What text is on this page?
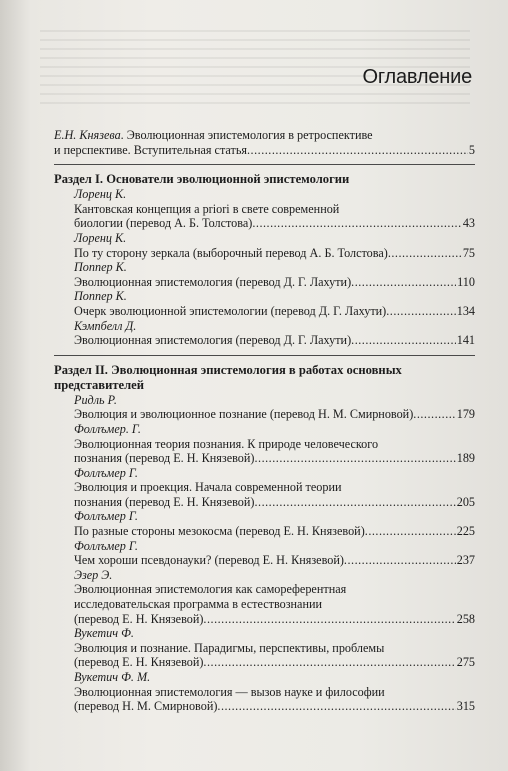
Оглавление
Е.Н. Князева. Эволюционная эпистемология в ретроспективе
и перспективе. Вступительная статья .....	5
Раздел I. Основатели эволюционной эпистемологии
Лоренц К.
Кантовская концепция a priori в свете современной
биологии (перевод А. Б. Толстова) .....	43
Лоренц К.
По ту сторону зеркала (выборочный перевод А. Б. Толстова) .....	75
Поппер К.
Эволюционная эпистемология (перевод Д. Г. Лахути) .....	110
Поппер К.
Очерк эволюционной эпистемологии (перевод Д. Г. Лахути) .....	134
Кэмпбелл Д.
Эволюционная эпистемология (перевод Д. Г. Лахути) .....	141
Раздел II. Эволюционная эпистемология в работах основных
представителей
Ридль Р.
Эволюция и эволюционное познание (перевод Н. М. Смирновой) .....	179
Фоллъмер. Г.
Эволюционная теория познания. К природе человеческого
познания (перевод Е. Н. Князевой) .....	189
Фоллъмер Г.
Эволюция и проекция. Начала современной теории
познания (перевод Е. Н. Князевой) .....	205
Фоллъмер Г.
По разные стороны мезокосма (перевод Е. Н. Князевой) .....	225
Фоллъмер Г.
Чем хороши псевдонауки? (перевод Е. Н. Князевой) .....	237
Эзер Э.
Эволюционная эпистемология как самореферентная
исследовательская программа в естествознании
(перевод Е. Н. Князевой) .....	258
Вукетич Ф.
Эволюция и познание. Парадигмы, перспективы, проблемы
(перевод Е. Н. Князевой) .....	275
Вукетич Ф. М.
Эволюционная эпистемология — вызов науке и философии
(перевод Н. М. Смирновой) .....	315
